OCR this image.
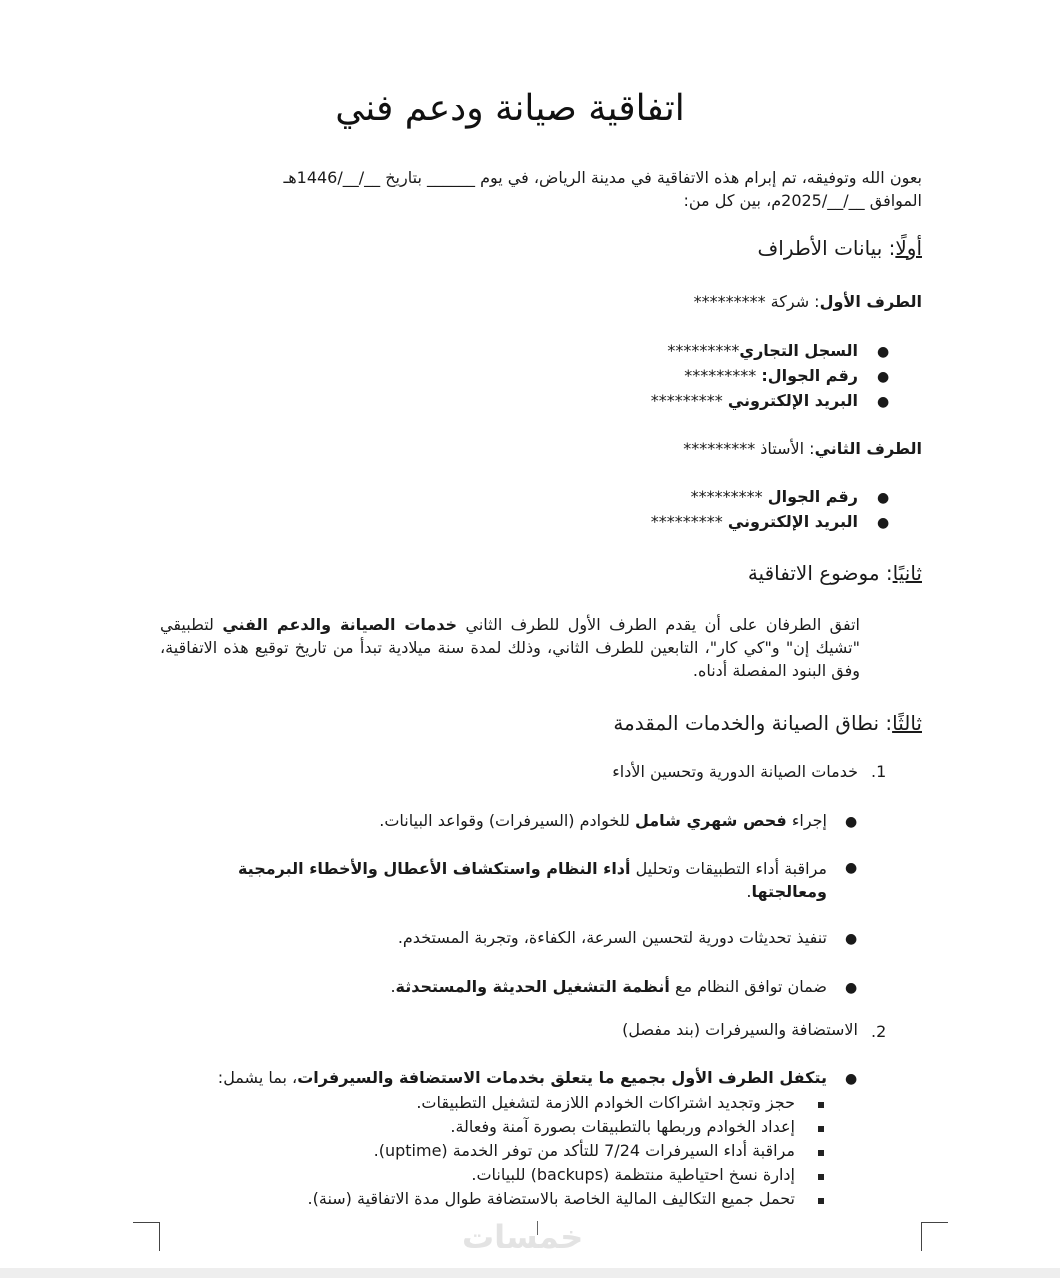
اتفاقية صيانة ودعم فني

بعون الله وتوفيقه، تم إبرام هذه الاتفاقية في مدينة الرياض، في يوم ______ بتاريخ __/__/1446هـ

الموافق __/__/2025م، بين كل من:

أولًا: بيانات الأطراف
الطرف الأول: شركة *********
●
السجل التجاري*********
●
رقم الجوال: *********
●
البريد الإلكتروني *********
الطرف الثاني: الأستاذ *********
●
رقم الجوال *********
●
البريد الإلكتروني *********
ثانيًا: موضوع الاتفاقية
اتفق الطرفان على أن يقدم الطرف الأول للطرف الثاني خدمات الصيانة والدعم الفني لتطبيقي "تشيك إن" و"كي كار"، التابعين للطرف الثاني، وذلك لمدة سنة ميلادية تبدأ من تاريخ توقيع هذه الاتفاقية، وفق البنود المفصلة أدناه.
ثالثًا: نطاق الصيانة والخدمات المقدمة
1.
خدمات الصيانة الدورية وتحسين الأداء
●
إجراء فحص شهري شامل للخوادم (السيرفرات) وقواعد البيانات.
●
مراقبة أداء التطبيقات وتحليل أداء النظام واستكشاف الأعطال والأخطاء البرمجية
ومعالجتها.
●
تنفيذ تحديثات دورية لتحسين السرعة، الكفاءة، وتجربة المستخدم.
●
ضمان توافق النظام مع أنظمة التشغيل الحديثة والمستحدثة.
2.
الاستضافة والسيرفرات (بند مفصل)
●
يتكفل الطرف الأول بجميع ما يتعلق بخدمات الاستضافة والسيرفرات، بما يشمل:
حجز وتجديد اشتراكات الخوادم اللازمة لتشغيل التطبيقات.
إعداد الخوادم وربطها بالتطبيقات بصورة آمنة وفعالة.
مراقبة أداء السيرفرات 7/24 للتأكد من توفر الخدمة (uptime).
إدارة نسخ احتياطية منتظمة (backups) للبيانات.
تحمل جميع التكاليف المالية الخاصة بالاستضافة طوال مدة الاتفاقية (سنة).
خمسات
